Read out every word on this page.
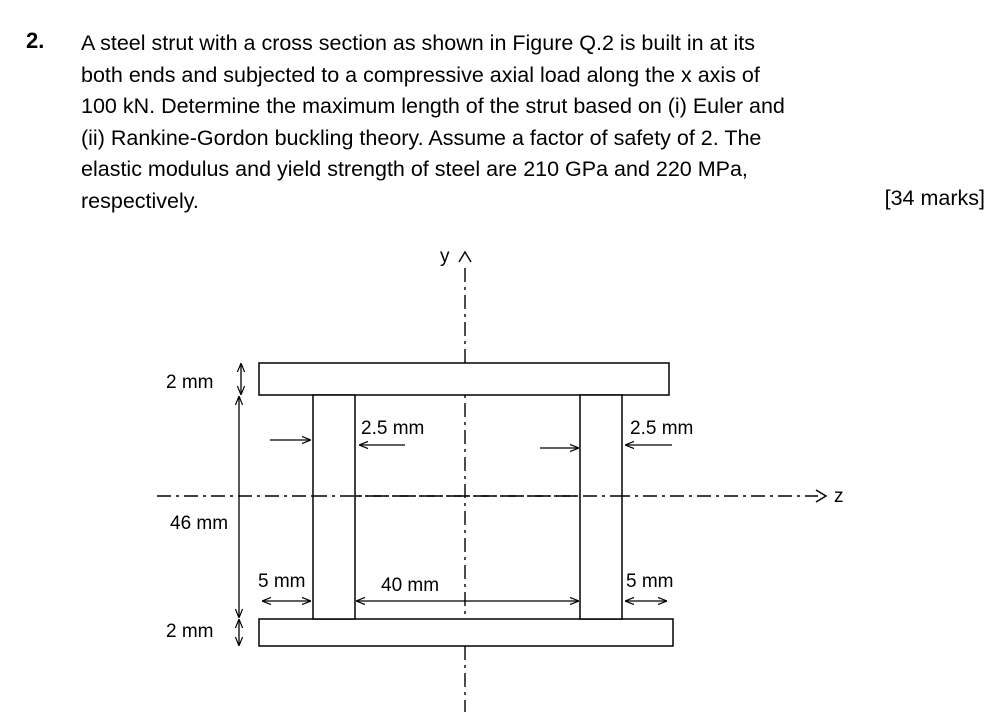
2. A steel strut with a cross section as shown in Figure Q.2 is built in at its
both ends and subjected to a compressive axial load along the x axis of
100 kN. Determine the maximum length of the strut based on (i) Euler and
(ii) Rankine-Gordon buckling theory. Assume a factor of safety of 2. The
elastic modulus and yield strength of steel are 210 GPa and 220 MPa,
respectively.	[34 marks]
y
z
46 mm
2 mm
2 mm
2.5 mm	2.5 mm
5 mm	40 mm	5 mm
